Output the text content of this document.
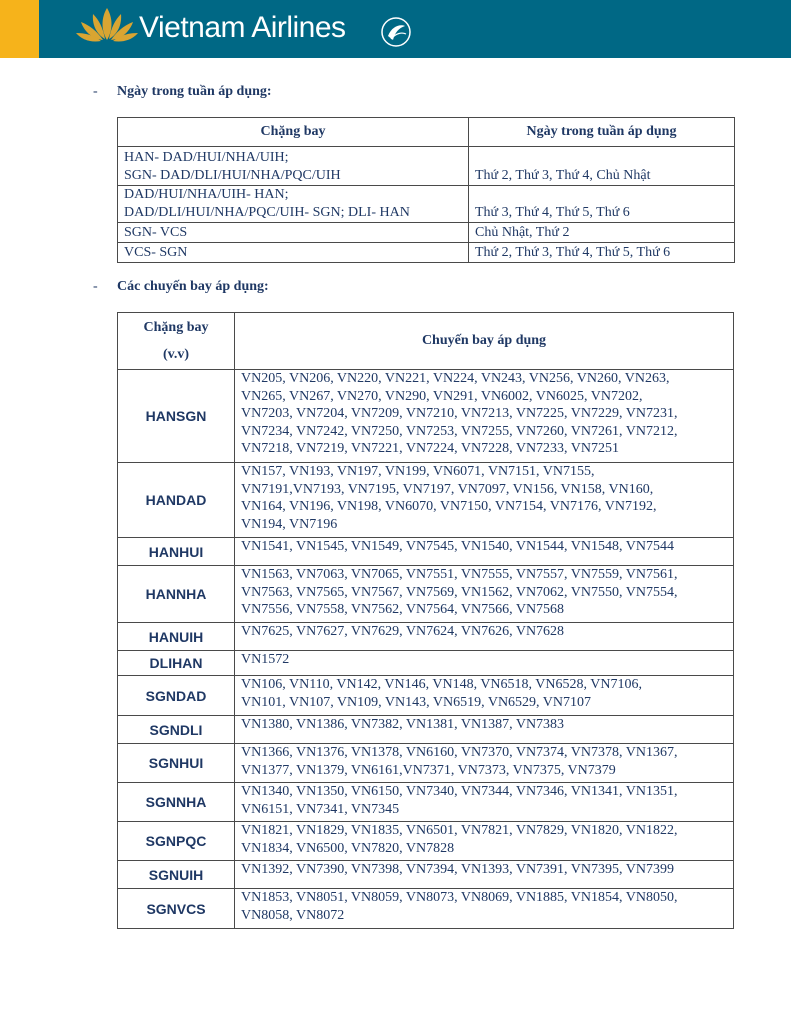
Vietnam Airlines
- Ngày trong tuần áp dụng:
Chặng bay	Ngày trong tuần áp dụng

HAN- DAD/HUI/NHA/UIH;
SGN- DAD/DLI/HUI/NHA/PQC/UIH	Thứ 2, Thứ 3, Thứ 4, Chủ Nhật

DAD/HUI/NHA/UIH- HAN;
DAD/DLI/HUI/NHA/PQC/UIH- SGN; DLI- HAN	Thứ 3, Thứ 4, Thứ 5, Thứ 6

SGN- VCS	Chủ Nhật, Thứ 2

VCS- SGN	Thứ 2, Thứ 3, Thứ 4, Thứ 5, Thứ 6
- Các chuyến bay áp dụng:
Chặng bay
(v.v)	Chuyến bay áp dụng
HANSGN	VN205, VN206, VN220, VN221, VN224, VN243, VN256, VN260, VN263,
VN265, VN267, VN270, VN290, VN291, VN6002, VN6025, VN7202,
VN7203, VN7204, VN7209, VN7210, VN7213, VN7225, VN7229, VN7231,
VN7234, VN7242, VN7250, VN7253, VN7255, VN7260, VN7261, VN7212,
VN7218, VN7219, VN7221, VN7224, VN7228, VN7233, VN7251

HANDAD	VN157, VN193, VN197, VN199, VN6071, VN7151, VN7155,
VN7191,VN7193, VN7195, VN7197, VN7097, VN156, VN158, VN160,
VN164, VN196, VN198, VN6070, VN7150, VN7154, VN7176, VN7192,
VN194, VN7196

HANHUI	VN1541, VN1545, VN1549, VN7545, VN1540, VN1544, VN1548, VN7544

HANNHA	VN1563, VN7063, VN7065, VN7551, VN7555, VN7557, VN7559, VN7561,
VN7563, VN7565, VN7567, VN7569, VN1562, VN7062, VN7550, VN7554,
VN7556, VN7558, VN7562, VN7564, VN7566, VN7568

HANUIH	VN7625, VN7627, VN7629, VN7624, VN7626, VN7628

DLIHAN	VN1572

SGNDAD	VN106, VN110, VN142, VN146, VN148, VN6518, VN6528, VN7106,
VN101, VN107, VN109, VN143, VN6519, VN6529, VN7107

SGNDLI	VN1380, VN1386, VN7382, VN1381, VN1387, VN7383

SGNHUI	VN1366, VN1376, VN1378, VN6160, VN7370, VN7374, VN7378, VN1367,
VN1377, VN1379, VN6161,VN7371, VN7373, VN7375, VN7379

SGNNHA	VN1340, VN1350, VN6150, VN7340, VN7344, VN7346, VN1341, VN1351,
VN6151, VN7341, VN7345

SGNPQC	VN1821, VN1829, VN1835, VN6501, VN7821, VN7829, VN1820, VN1822,
VN1834, VN6500, VN7820, VN7828

SGNUIH	VN1392, VN7390, VN7398, VN7394, VN1393, VN7391, VN7395, VN7399

SGNVCS	VN1853, VN8051, VN8059, VN8073, VN8069, VN1885, VN1854, VN8050,
VN8058, VN8072
